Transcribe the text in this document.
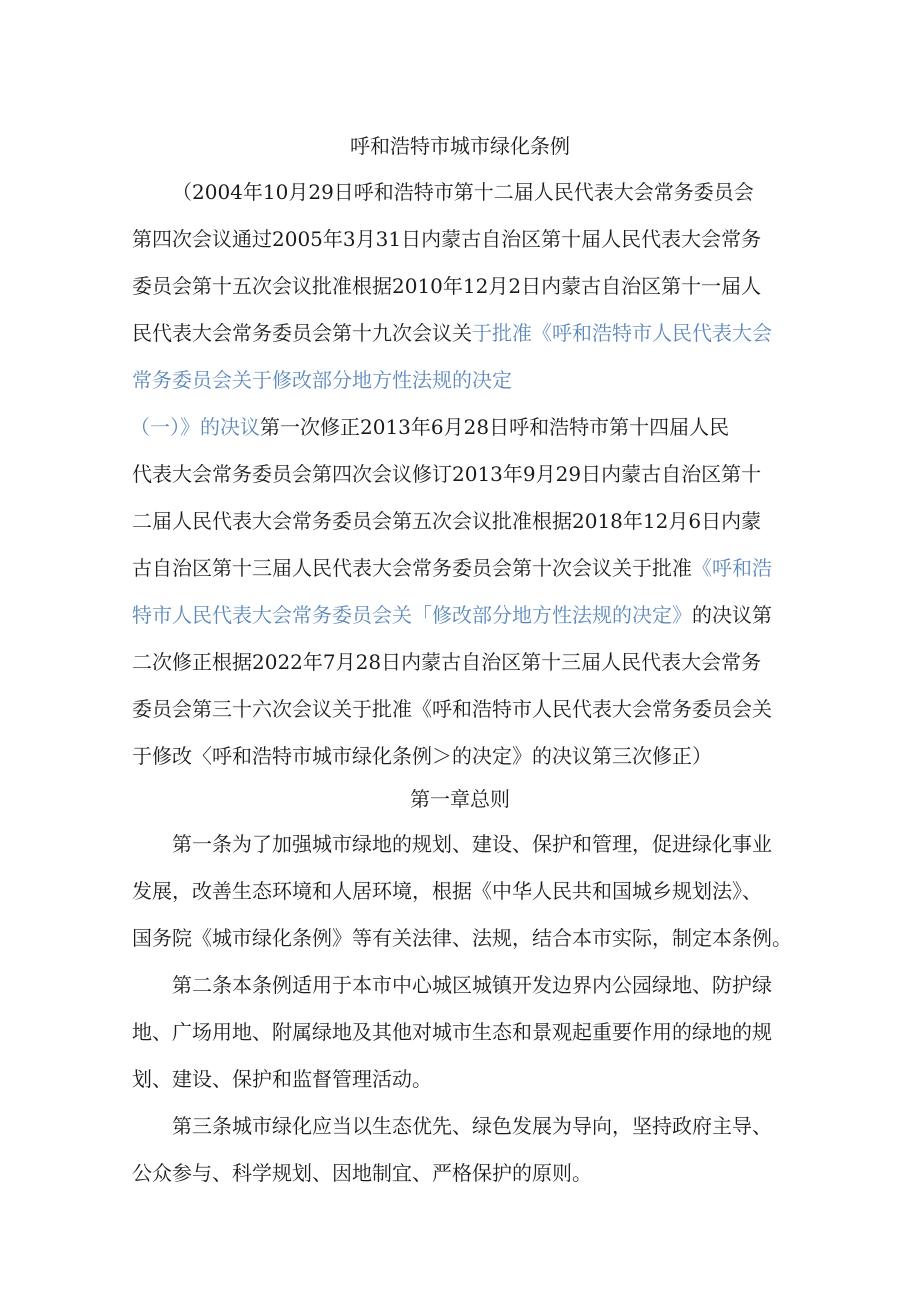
呼和浩特市城市绿化条例
（2004年10月29日呼和浩特市第十二届人民代表大会常务委员会
第四次会议通过2005年3月31日内蒙古自治区第十届人民代表大会常务
委员会第十五次会议批准根据2010年12月2日内蒙古自治区第十一届人
民代表大会常务委员会第十九次会议关于批准《呼和浩特市人民代表大会
常务委员会关于修改部分地方性法规的决定
（一）》的决议第一次修正2013年6月28日呼和浩特市第十四届人民
代表大会常务委员会第四次会议修订2013年9月29日内蒙古自治区第十
二届人民代表大会常务委员会第五次会议批准根据2018年12月6日内蒙
古自治区第十三届人民代表大会常务委员会第十次会议关于批准《呼和浩
特市人民代表大会常务委员会关「修改部分地方性法规的决定》的决议第
二次修正根据2022年7月28日内蒙古自治区第十三届人民代表大会常务
委员会第三十六次会议关于批准《呼和浩特市人民代表大会常务委员会关
于修改〈呼和浩特市城市绿化条例＞的决定》的决议第三次修正）
第一章总则
第一条为了加强城市绿地的规划、建设、保护和管理，促进绿化事业
发展，改善生态环境和人居环境，根据《中华人民共和国城乡规划法》、
国务院《城市绿化条例》等有关法律、法规，结合本市实际，制定本条例。
第二条本条例适用于本市中心城区城镇开发边界内公园绿地、防护绿
地、广场用地、附属绿地及其他对城市生态和景观起重要作用的绿地的规
划、建设、保护和监督管理活动。
第三条城市绿化应当以生态优先、绿色发展为导向，坚持政府主导、
公众参与、科学规划、因地制宜、严格保护的原则。
